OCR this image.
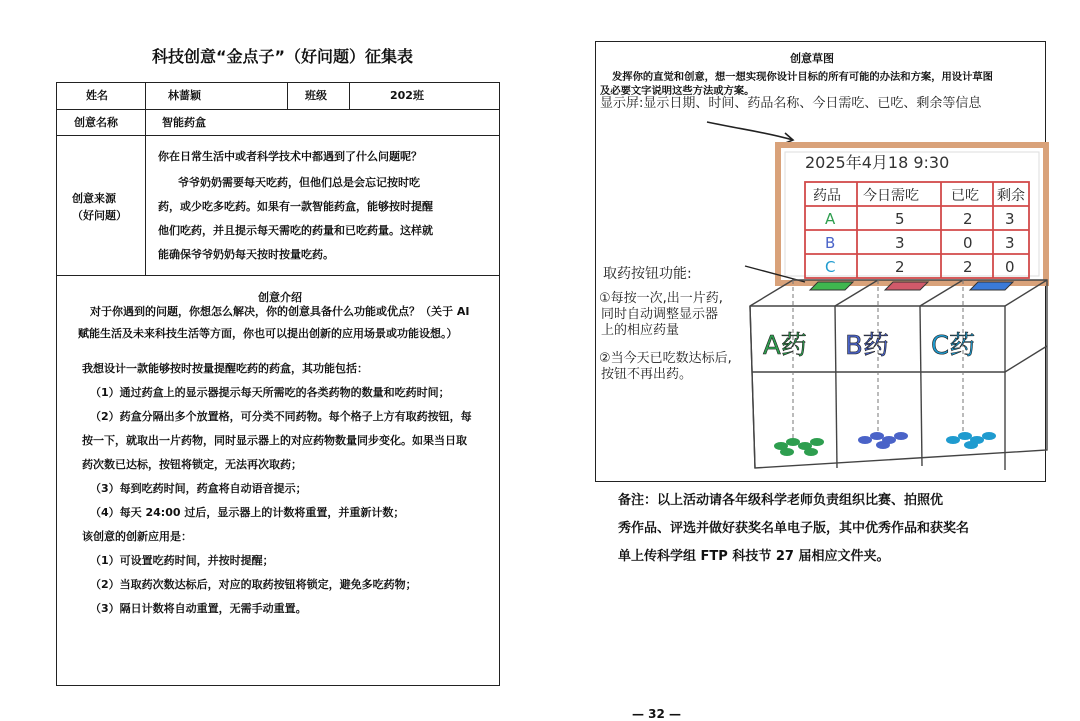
科技创意“金点子”（好问题）征集表
姓名	林蔷颖	班级	202班
创意名称	智能药盒
创意来源
（好问题）
你在日常生活中或者科学技术中都遇到了什么问题呢？
爷爷奶奶需要每天吃药，但他们总是会忘记按时吃
药，或少吃多吃药。如果有一款智能药盒，能够按时提醒
他们吃药，并且提示每天需吃的药量和已吃药量。这样就
能确保爷爷奶奶每天按时按量吃药。
创意介绍
对于你遇到的问题，你想怎么解决，你的创意具备什么功能或优点？（关于 AI
赋能生活及未来科技生活等方面，你也可以提出创新的应用场景或功能设想。）
我想设计一款能够按时按量提醒吃药的药盒，其功能包括：
（1）通过药盒上的显示器提示每天所需吃的各类药物的数量和吃药时间；
（2）药盒分隔出多个放置格，可分类不同药物。每个格子上方有取药按钮，每
按一下，就取出一片药物，同时显示器上的对应药物数量同步变化。如果当日取
药次数已达标，按钮将锁定，无法再次取药；
（3）每到吃药时间，药盒将自动语音提示；
（4）每天 24:00 过后，显示器上的计数将重置，并重新计数；
该创意的创新应用是：
（1）可设置吃药时间，并按时提醒；
（2）当取药次数达标后，对应的取药按钮将锁定，避免多吃药物；
（3）隔日计数将自动重置，无需手动重置。
创意草图
发挥你的直觉和创意，想一想实现你设计目标的所有可能的办法和方案，用设计草图
及必要文字说明这些方法或方案。
显示屏:显示日期、时间、药品名称、今日需吃、已吃、剩余等信息
2025年4月18 9:30
药品 今日需吃 已吃 剩余
A	5	2 3
B	3	0 3
C	2	2 0
取药按钮功能:
①每按一次,出一片药,
同时自动调整显示器
上的相应药量
②当今天已吃数达标后,
按钮不再出药。
A药 B药 C药
备注：以上活动请各年级科学老师负责组织比赛、拍照优
秀作品、评选并做好获奖名单电子版，其中优秀作品和获奖名
单上传科学组 FTP 科技节 27 届相应文件夹。
— 32 —
